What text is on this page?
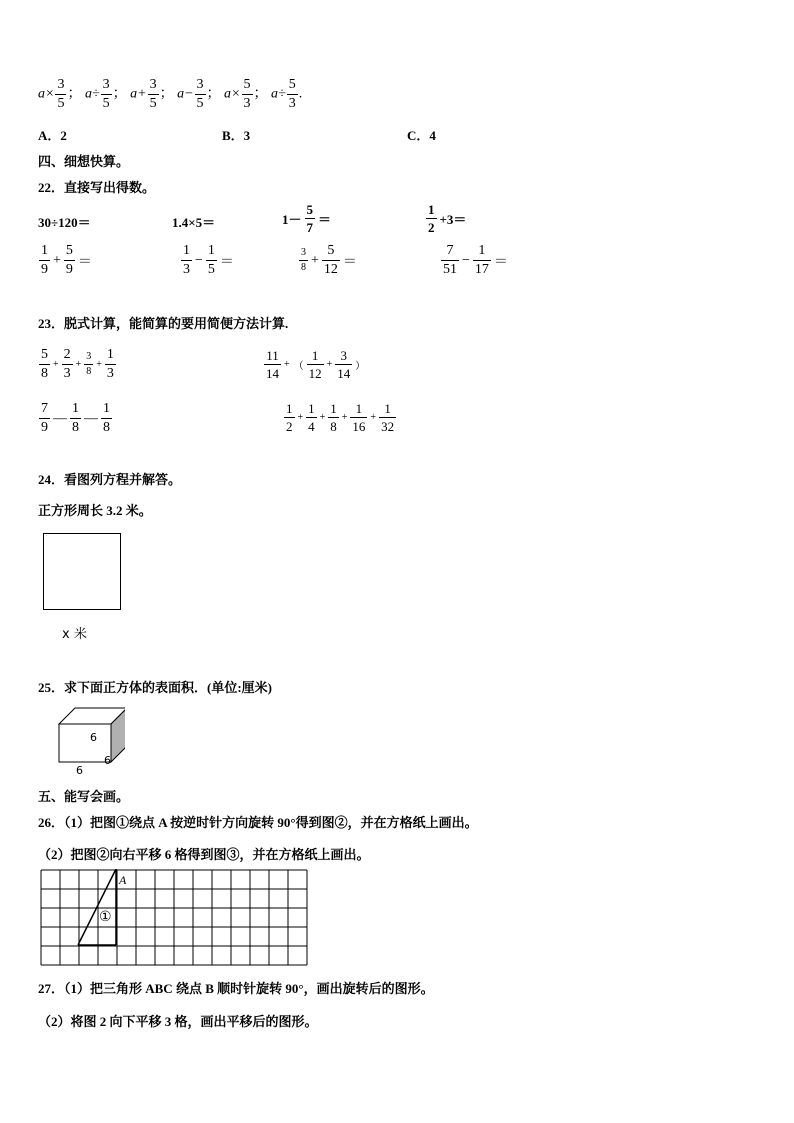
$a\times \frac{3}{5}$ ； $a\div \frac{3}{5}$ ； $a+ \frac{3}{5}$ ； $a- \frac{3}{5}$ ； $a\times \frac{5}{3}$ ； $a\div \frac{5}{3}$ .
A．2	B．3	C．4
四、细想快算。
22．直接写出得数。
30÷120＝	1.4×5＝	$1- \frac{5}{7}$ ＝	$\frac{1}{2} +3=$
$\frac{1}{9} + \frac{5}{9}$ ＝	$\frac{1}{3} - \frac{1}{5}$ ＝	$\frac{3}{8} + \frac{5}{12}$ ＝	$\frac{7}{51} - \frac{1}{17}$ ＝
23．脱式计算，能简算的要用简便方法计算.
$\frac{5}{8} + \frac{2}{3} + \frac{3}{8} + \frac{1}{3}$	$\frac{11}{14}$ + （ $\frac{1}{12} + \frac{3}{14}$ ）
$\frac{7}{9}$ — $\frac{1}{8}$ — $\frac{1}{8}$	$\frac{1}{2} + \frac{1}{4} + \frac{1}{8} + \frac{1}{16} + \frac{1}{32}$
24．看图列方程并解答。
正方形周长 3.2 米。
x 米
25．求下面正方体的表面积．(单位:厘米)
6
6
6
五、能写会画。
26．（1）把图①绕点 A 按逆时针方向旋转 90°得到图②，并在方格纸上画出。
（2）把图②向右平移 6 格得到图③，并在方格纸上画出。
A
①
27．（1）把三角形 ABC 绕点 B 顺时针旋转 90°，画出旋转后的图形。
（2）将图 2 向下平移 3 格，画出平移后的图形。
